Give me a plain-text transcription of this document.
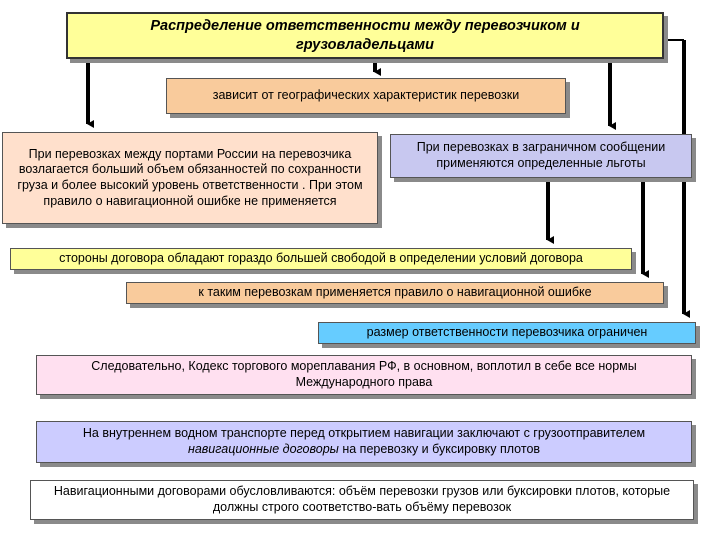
Распределение ответственности между перевозчиком и грузовладельцами
зависит от географических характеристик перевозки
При перевозках между портами России на перевозчика возлагается больший объем обязанностей по сохранности груза и более высокий уровень ответственности . При этом правило о навигационной ошибке не применяется
При перевозках в заграничном сообщении применяются определенные льготы
стороны договора обладают гораздо большей свободой в определении условий договора
к таким перевозкам применяется правило о навигационной ошибке
размер ответственности перевозчика ограничен
Следовательно, Кодекс торгового мореплавания РФ, в основном, воплотил в себе все нормы Международного права
На внутреннем водном транспорте перед открытием навигации заключают с грузоотправителем навигационные договоры на перевозку и буксировку плотов
Навигационными договорами обусловливаются: объём перевозки грузов или буксировки плотов, которые должны строго соответство-вать объёму перевозок
